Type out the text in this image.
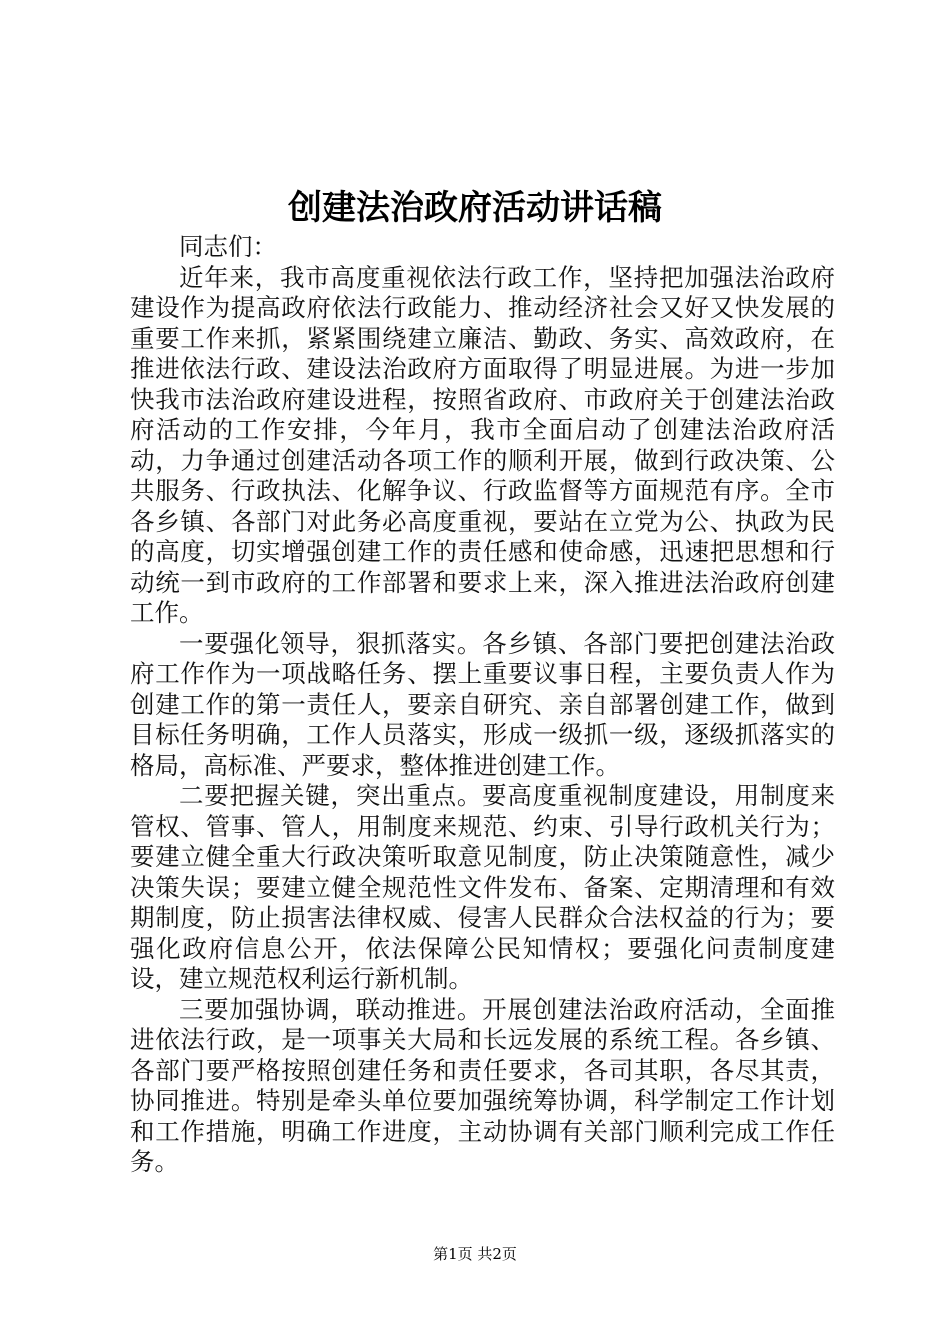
创建法治政府活动讲话稿

同志们：

近年来，我市高度重视依法行政工作，坚持把加强法治政府建设作为提高政府依法行政能力、推动经济社会又好又快发展的重要工作来抓，紧紧围绕建立廉洁、勤政、务实、高效政府，在推进依法行政、建设法治政府方面取得了明显进展。为进一步加快我市法治政府建设进程，按照省政府、市政府关于创建法治政府活动的工作安排，今年月，我市全面启动了创建法治政府活动，力争通过创建活动各项工作的顺利开展，做到行政决策、公共服务、行政执法、化解争议、行政监督等方面规范有序。全市各乡镇、各部门对此务必高度重视，要站在立党为公、执政为民的高度，切实增强创建工作的责任感和使命感，迅速把思想和行动统一到市政府的工作部署和要求上来，深入推进法治政府创建工作。

一要强化领导，狠抓落实。各乡镇、各部门要把创建法治政府工作作为一项战略任务、摆上重要议事日程，主要负责人作为创建工作的第一责任人，要亲自研究、亲自部署创建工作，做到目标任务明确，工作人员落实，形成一级抓一级，逐级抓落实的格局，高标准、严要求，整体推进创建工作。

二要把握关键，突出重点。要高度重视制度建设，用制度来管权、管事、管人，用制度来规范、约束、引导行政机关行为；要建立健全重大行政决策听取意见制度，防止决策随意性，减少决策失误；要建立健全规范性文件发布、备案、定期清理和有效期制度，防止损害法律权威、侵害人民群众合法权益的行为；要强化政府信息公开，依法保障公民知情权；要强化问责制度建设，建立规范权利运行新机制。

三要加强协调，联动推进。开展创建法治政府活动，全面推进依法行政，是一项事关大局和长远发展的系统工程。各乡镇、各部门要严格按照创建任务和责任要求，各司其职，各尽其责，协同推进。特别是牵头单位要加强统筹协调，科学制定工作计划和工作措施，明确工作进度，主动协调有关部门顺利完成工作任务。

第1页 共2页
